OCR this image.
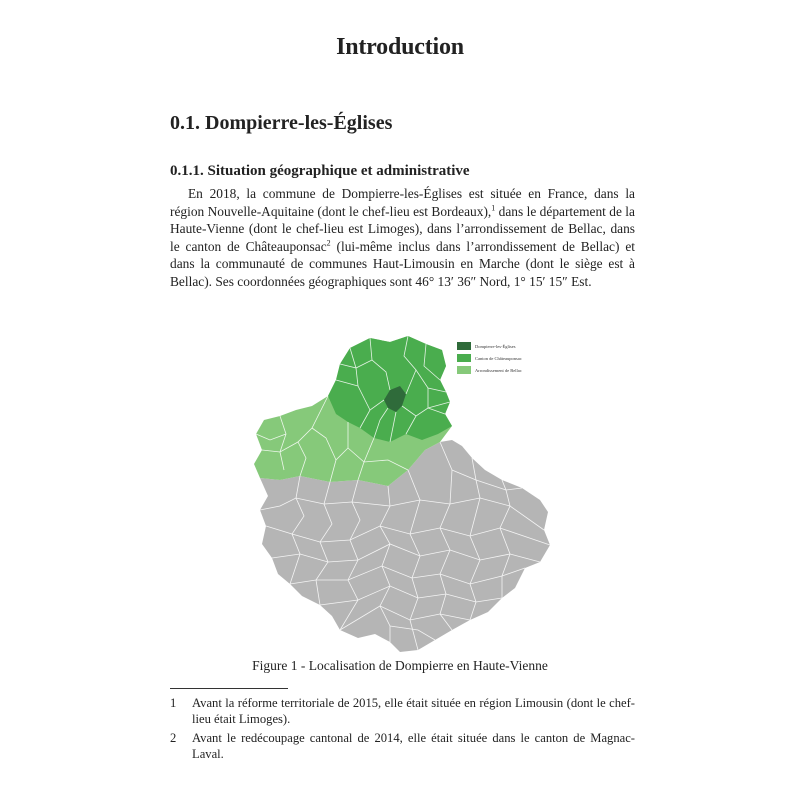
Introduction
0.1. Dompierre-les-Églises
0.1.1. Situation géographique et administrative
En 2018, la commune de Dompierre-les-Églises est située en France, dans la région Nouvelle-Aquitaine (dont le chef-lieu est Bordeaux),$^1$ dans le département de la Haute-Vienne (dont le chef-lieu est Limoges), dans l’arrondissement de Bellac, dans le canton de Châteauponsac$^2$ (lui-même inclus dans l’arrondissement de Bellac) et dans la communauté de communes Haut-Limousin en Marche (dont le siège est à Bellac). Ses coordonnées géographiques sont 46° 13′ 36″ Nord, 1° 15′ 15″ Est.
Dompierre-les-Églises
Canton de Châteauponsac
Arrondissement de Bellac
Figure 1 - Localisation de Dompierre en Haute-Vienne
1	Avant la réforme territoriale de 2015, elle était située en région Limousin (dont le chef-lieu était Limoges).
2	Avant le redécoupage cantonal de 2014, elle était située dans le canton de Magnac-Laval.
